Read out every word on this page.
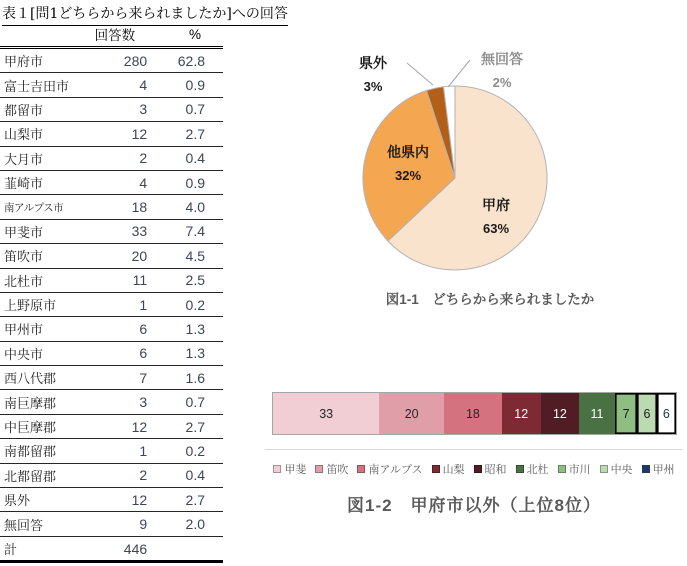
表１[問1どちらから来られましたか]への回答
	回答数	%
甲府市	280	62.8
富士吉田市	4	0.9
都留市	3	0.7
山梨市	12	2.7
大月市	2	0.4
韮崎市	4	0.9
南アルプス市	18	4.0
甲斐市	33	7.4
笛吹市	20	4.5
北杜市	11	2.5
上野原市	1	0.2
甲州市	6	1.3
中央市	6	1.3
西八代郡	7	1.6
南巨摩郡	3	0.7
中巨摩郡	12	2.7
南都留郡	1	0.2
北都留郡	2	0.4
県外	12	2.7
無回答	9	2.0
計	446	
甲府
63%
他県内
32%
県外
3%
無回答
2%
図1-1　どちらから来られましたか
33	20	18	12	12	11	7	6 6
甲斐 笛吹 南アルプス 山梨 昭和 北杜 市川 中央 甲州
図1-2　甲府市以外（上位8位）
